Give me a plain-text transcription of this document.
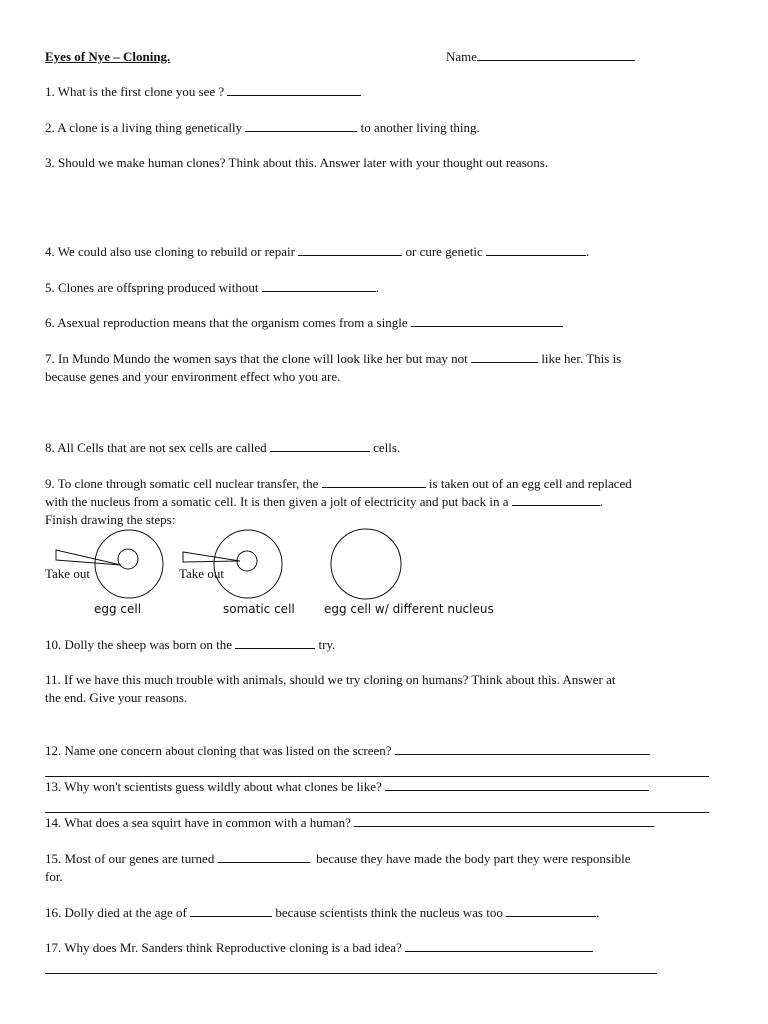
Eyes of Nye – Cloning.	Name
1. What is the first clone you see ?
2. A clone is a living thing genetically	to another living thing.
3. Should we make human clones? Think about this. Answer later with your thought out reasons.
4. We could also use cloning to rebuild or repair	or cure genetic	.
5. Clones are offspring produced without	.
6. Asexual reproduction means that the organism comes from a single
7. In Mundo Mundo the women says that the clone will look like her but may not	like her. This is
because genes and your environment effect who you are.
8. All Cells that are not sex cells are called	cells.
9. To clone through somatic cell nuclear transfer, the	is taken out of an egg cell and replaced
with the nucleus from a somatic cell. It is then given a jolt of electricity and put back in a	.
Finish drawing the steps:
Take out	Take out
egg cell	somatic cell egg cell w/ different nucleus
10. Dolly the sheep was born on the	try.
11. If we have this much trouble with animals, should we try cloning on humans? Think about this. Answer at
the end. Give your reasons.
12. Name one concern about cloning that was listed on the screen?
13. Why won't scientists guess wildly about what clones be like?
14. What does a sea squirt have in common with a human?
15. Most of our genes are turned	because they have made the body part they were responsible
for.
16. Dolly died at the age of	because scientists think the nucleus was too	.
17. Why does Mr. Sanders think Reproductive cloning is a bad idea?
